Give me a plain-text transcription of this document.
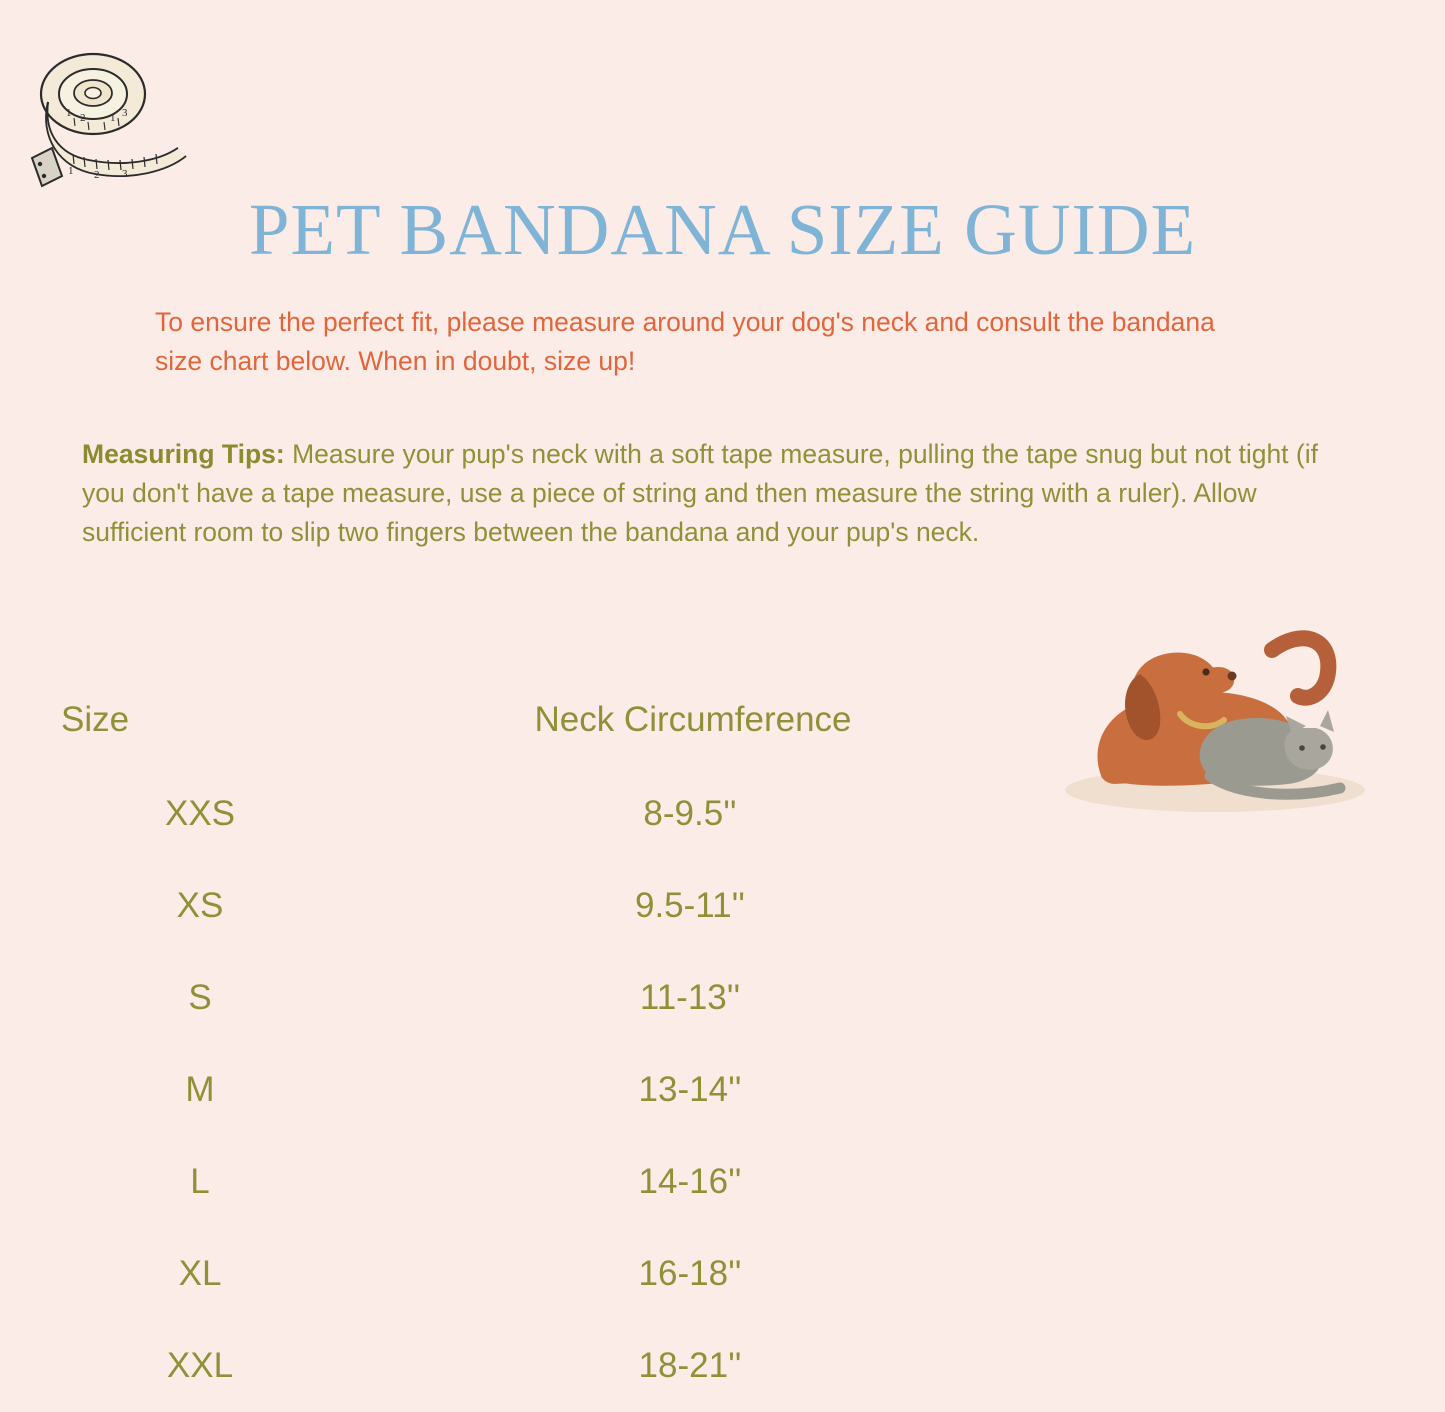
1 2 1 3
1 2 3
PET BANDANA SIZE GUIDE
To ensure the perfect fit, please measure around your dog's neck and consult the bandana size chart below. When in doubt, size up!
Measuring Tips: Measure your pup's neck with a soft tape measure, pulling the tape snug but not tight (if you don't have a tape measure, use a piece of string and then measure the string with a ruler). Allow sufficient room to slip two fingers between the bandana and your pup's neck.
Size	Neck Circumference
XXS	8-9.5''
XS	9.5-11''
S	11-13''
M	13-14''
L	14-16''
XL	16-18''
XXL	18-21''
